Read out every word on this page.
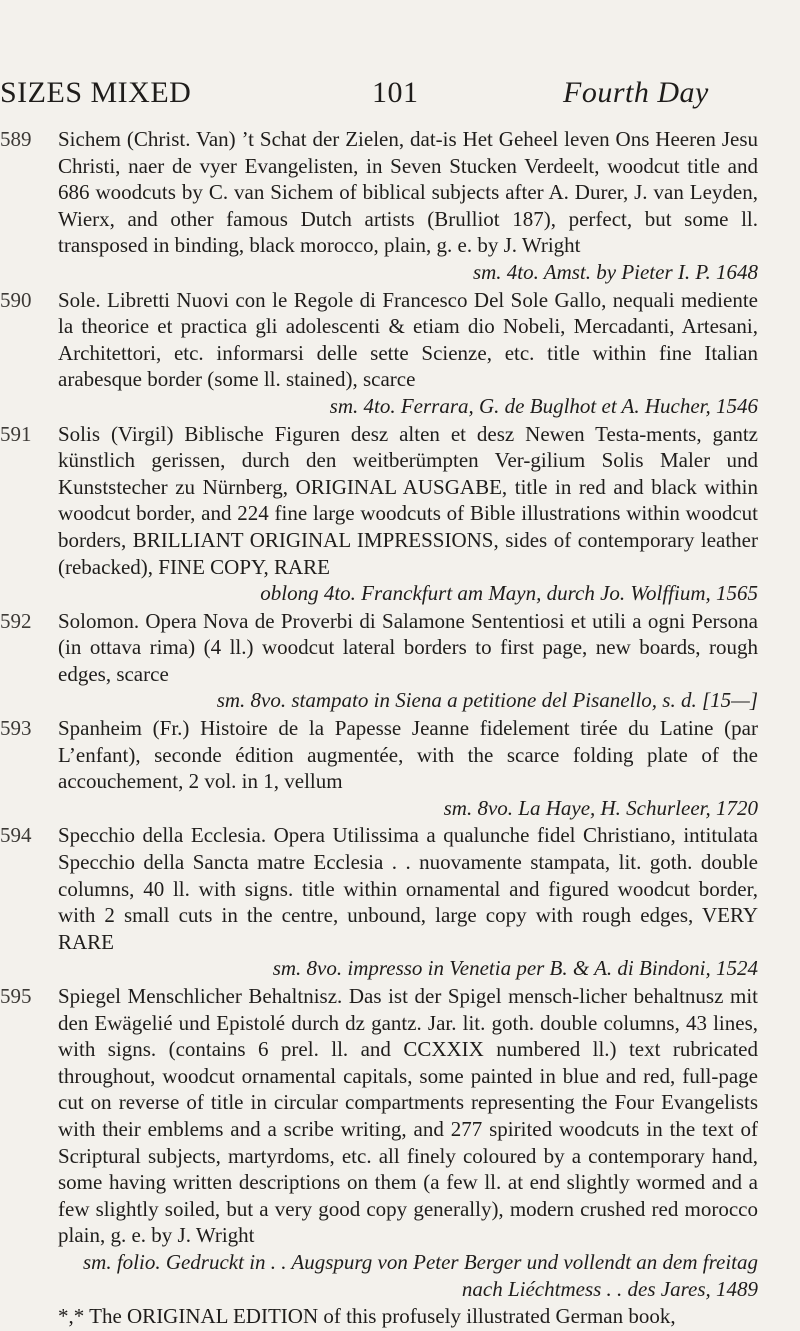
SIZES MIXED	101	Fourth Day
589	Sichem (Christ. Van) ’t Schat der Zielen, dat-is Het Geheel leven Ons Heeren Jesu Christi, naer de vyer Evangelisten, in Seven Stucken Verdeelt, woodcut title and 686 woodcuts by C. van Sichem of biblical subjects after A. Durer, J. van Leyden, Wierx, and other famous Dutch artists (Brulliot 187), perfect, but some ll. transposed in binding, black morocco, plain, g. e. by J. Wright
sm. 4to. Amst. by Pieter I. P. 1648
590	Sole. Libretti Nuovi con le Regole di Francesco Del Sole Gallo, nequali mediente la theorice et practica gli adolescenti & etiam dio Nobeli, Mercadanti, Artesani, Architettori, etc. informarsi delle sette Scienze, etc. title within fine Italian arabesque border (some ll. stained), scarce
sm. 4to. Ferrara, G. de Buglhot et A. Hucher, 1546
591	Solis (Virgil) Biblische Figuren desz alten et desz Newen Testa-ments, gantz künstlich gerissen, durch den weitberümpten Ver-gilium Solis Maler und Kunststecher zu Nürnberg, ORIGINAL AUSGABE, title in red and black within woodcut border, and 224 fine large woodcuts of Bible illustrations within woodcut borders, BRILLIANT ORIGINAL IMPRESSIONS, sides of contemporary leather (rebacked), FINE COPY, RARE
oblong 4to. Franckfurt am Mayn, durch Jo. Wolffium, 1565
592	Solomon. Opera Nova de Proverbi di Salamone Sententiosi et utili a ogni Persona (in ottava rima) (4 ll.) woodcut lateral borders to first page, new boards, rough edges, scarce
sm. 8vo. stampato in Siena a petitione del Pisanello, s. d. [15—]
593	Spanheim (Fr.) Histoire de la Papesse Jeanne fidelement tirée du Latine (par L’enfant), seconde édition augmentée, with the scarce folding plate of the accouchement, 2 vol. in 1, vellum
sm. 8vo. La Haye, H. Schurleer, 1720
594	Specchio della Ecclesia. Opera Utilissima a qualunche fidel Christiano, intitulata Specchio della Sancta matre Ecclesia . . nuovamente stampata, lit. goth. double columns, 40 ll. with signs. title within ornamental and figured woodcut border, with 2 small cuts in the centre, unbound, large copy with rough edges, VERY RARE
sm. 8vo. impresso in Venetia per B. & A. di Bindoni, 1524
595	Spiegel Menschlicher Behaltnisz. Das ist der Spigel mensch-licher behaltnusz mit den Ewägelié und Epistolé durch dz gantz. Jar. lit. goth. double columns, 43 lines, with signs. (contains 6 prel. ll. and CCXXIX numbered ll.) text rubricated throughout, woodcut ornamental capitals, some painted in blue and red, full-page cut on reverse of title in circular compartments representing the Four Evangelists with their emblems and a scribe writing, and 277 spirited woodcuts in the text of Scriptural subjects, martyrdoms, etc. all finely coloured by a contemporary hand, some having written descriptions on them (a few ll. at end slightly wormed and a few slightly soiled, but a very good copy generally), modern crushed red morocco plain, g. e. by J. Wright
sm. folio. Gedruckt in . . Augspurg von Peter Berger und vollendt an dem freitag nach Liéchtmess . . des Jares, 1489
*,* The ORIGINAL EDITION of this profusely illustrated German book,
